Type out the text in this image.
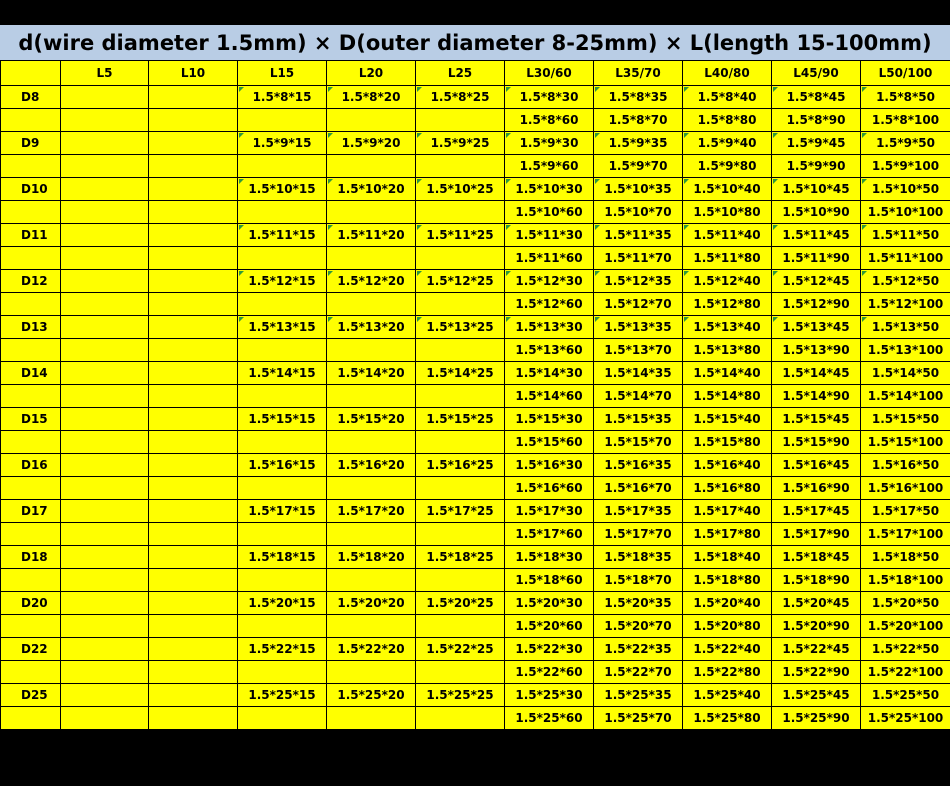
d(wire diameter 1.5mm) × D(outer diameter 8-25mm) × L(length 15-100mm)
	L5	L10	L15	L20	L25	L30/60	L35/70	L40/80	L45/90	L50/100
D8			1.5*8*15	1.5*8*20	1.5*8*25	1.5*8*30	1.5*8*35	1.5*8*40	1.5*8*45	1.5*8*50
						1.5*8*60	1.5*8*70	1.5*8*80	1.5*8*90	1.5*8*100
D9			1.5*9*15	1.5*9*20	1.5*9*25	1.5*9*30	1.5*9*35	1.5*9*40	1.5*9*45	1.5*9*50
						1.5*9*60	1.5*9*70	1.5*9*80	1.5*9*90	1.5*9*100
D10			1.5*10*15	1.5*10*20	1.5*10*25	1.5*10*30	1.5*10*35	1.5*10*40	1.5*10*45	1.5*10*50
						1.5*10*60	1.5*10*70	1.5*10*80	1.5*10*90	1.5*10*100
D11			1.5*11*15	1.5*11*20	1.5*11*25	1.5*11*30	1.5*11*35	1.5*11*40	1.5*11*45	1.5*11*50
						1.5*11*60	1.5*11*70	1.5*11*80	1.5*11*90	1.5*11*100
D12			1.5*12*15	1.5*12*20	1.5*12*25	1.5*12*30	1.5*12*35	1.5*12*40	1.5*12*45	1.5*12*50
						1.5*12*60	1.5*12*70	1.5*12*80	1.5*12*90	1.5*12*100
D13			1.5*13*15	1.5*13*20	1.5*13*25	1.5*13*30	1.5*13*35	1.5*13*40	1.5*13*45	1.5*13*50
						1.5*13*60	1.5*13*70	1.5*13*80	1.5*13*90	1.5*13*100
D14			1.5*14*15	1.5*14*20	1.5*14*25	1.5*14*30	1.5*14*35	1.5*14*40	1.5*14*45	1.5*14*50
						1.5*14*60	1.5*14*70	1.5*14*80	1.5*14*90	1.5*14*100
D15			1.5*15*15	1.5*15*20	1.5*15*25	1.5*15*30	1.5*15*35	1.5*15*40	1.5*15*45	1.5*15*50
						1.5*15*60	1.5*15*70	1.5*15*80	1.5*15*90	1.5*15*100
D16			1.5*16*15	1.5*16*20	1.5*16*25	1.5*16*30	1.5*16*35	1.5*16*40	1.5*16*45	1.5*16*50
						1.5*16*60	1.5*16*70	1.5*16*80	1.5*16*90	1.5*16*100
D17			1.5*17*15	1.5*17*20	1.5*17*25	1.5*17*30	1.5*17*35	1.5*17*40	1.5*17*45	1.5*17*50
						1.5*17*60	1.5*17*70	1.5*17*80	1.5*17*90	1.5*17*100
D18			1.5*18*15	1.5*18*20	1.5*18*25	1.5*18*30	1.5*18*35	1.5*18*40	1.5*18*45	1.5*18*50
						1.5*18*60	1.5*18*70	1.5*18*80	1.5*18*90	1.5*18*100
D20			1.5*20*15	1.5*20*20	1.5*20*25	1.5*20*30	1.5*20*35	1.5*20*40	1.5*20*45	1.5*20*50
						1.5*20*60	1.5*20*70	1.5*20*80	1.5*20*90	1.5*20*100
D22			1.5*22*15	1.5*22*20	1.5*22*25	1.5*22*30	1.5*22*35	1.5*22*40	1.5*22*45	1.5*22*50
						1.5*22*60	1.5*22*70	1.5*22*80	1.5*22*90	1.5*22*100
D25			1.5*25*15	1.5*25*20	1.5*25*25	1.5*25*30	1.5*25*35	1.5*25*40	1.5*25*45	1.5*25*50
						1.5*25*60	1.5*25*70	1.5*25*80	1.5*25*90	1.5*25*100
